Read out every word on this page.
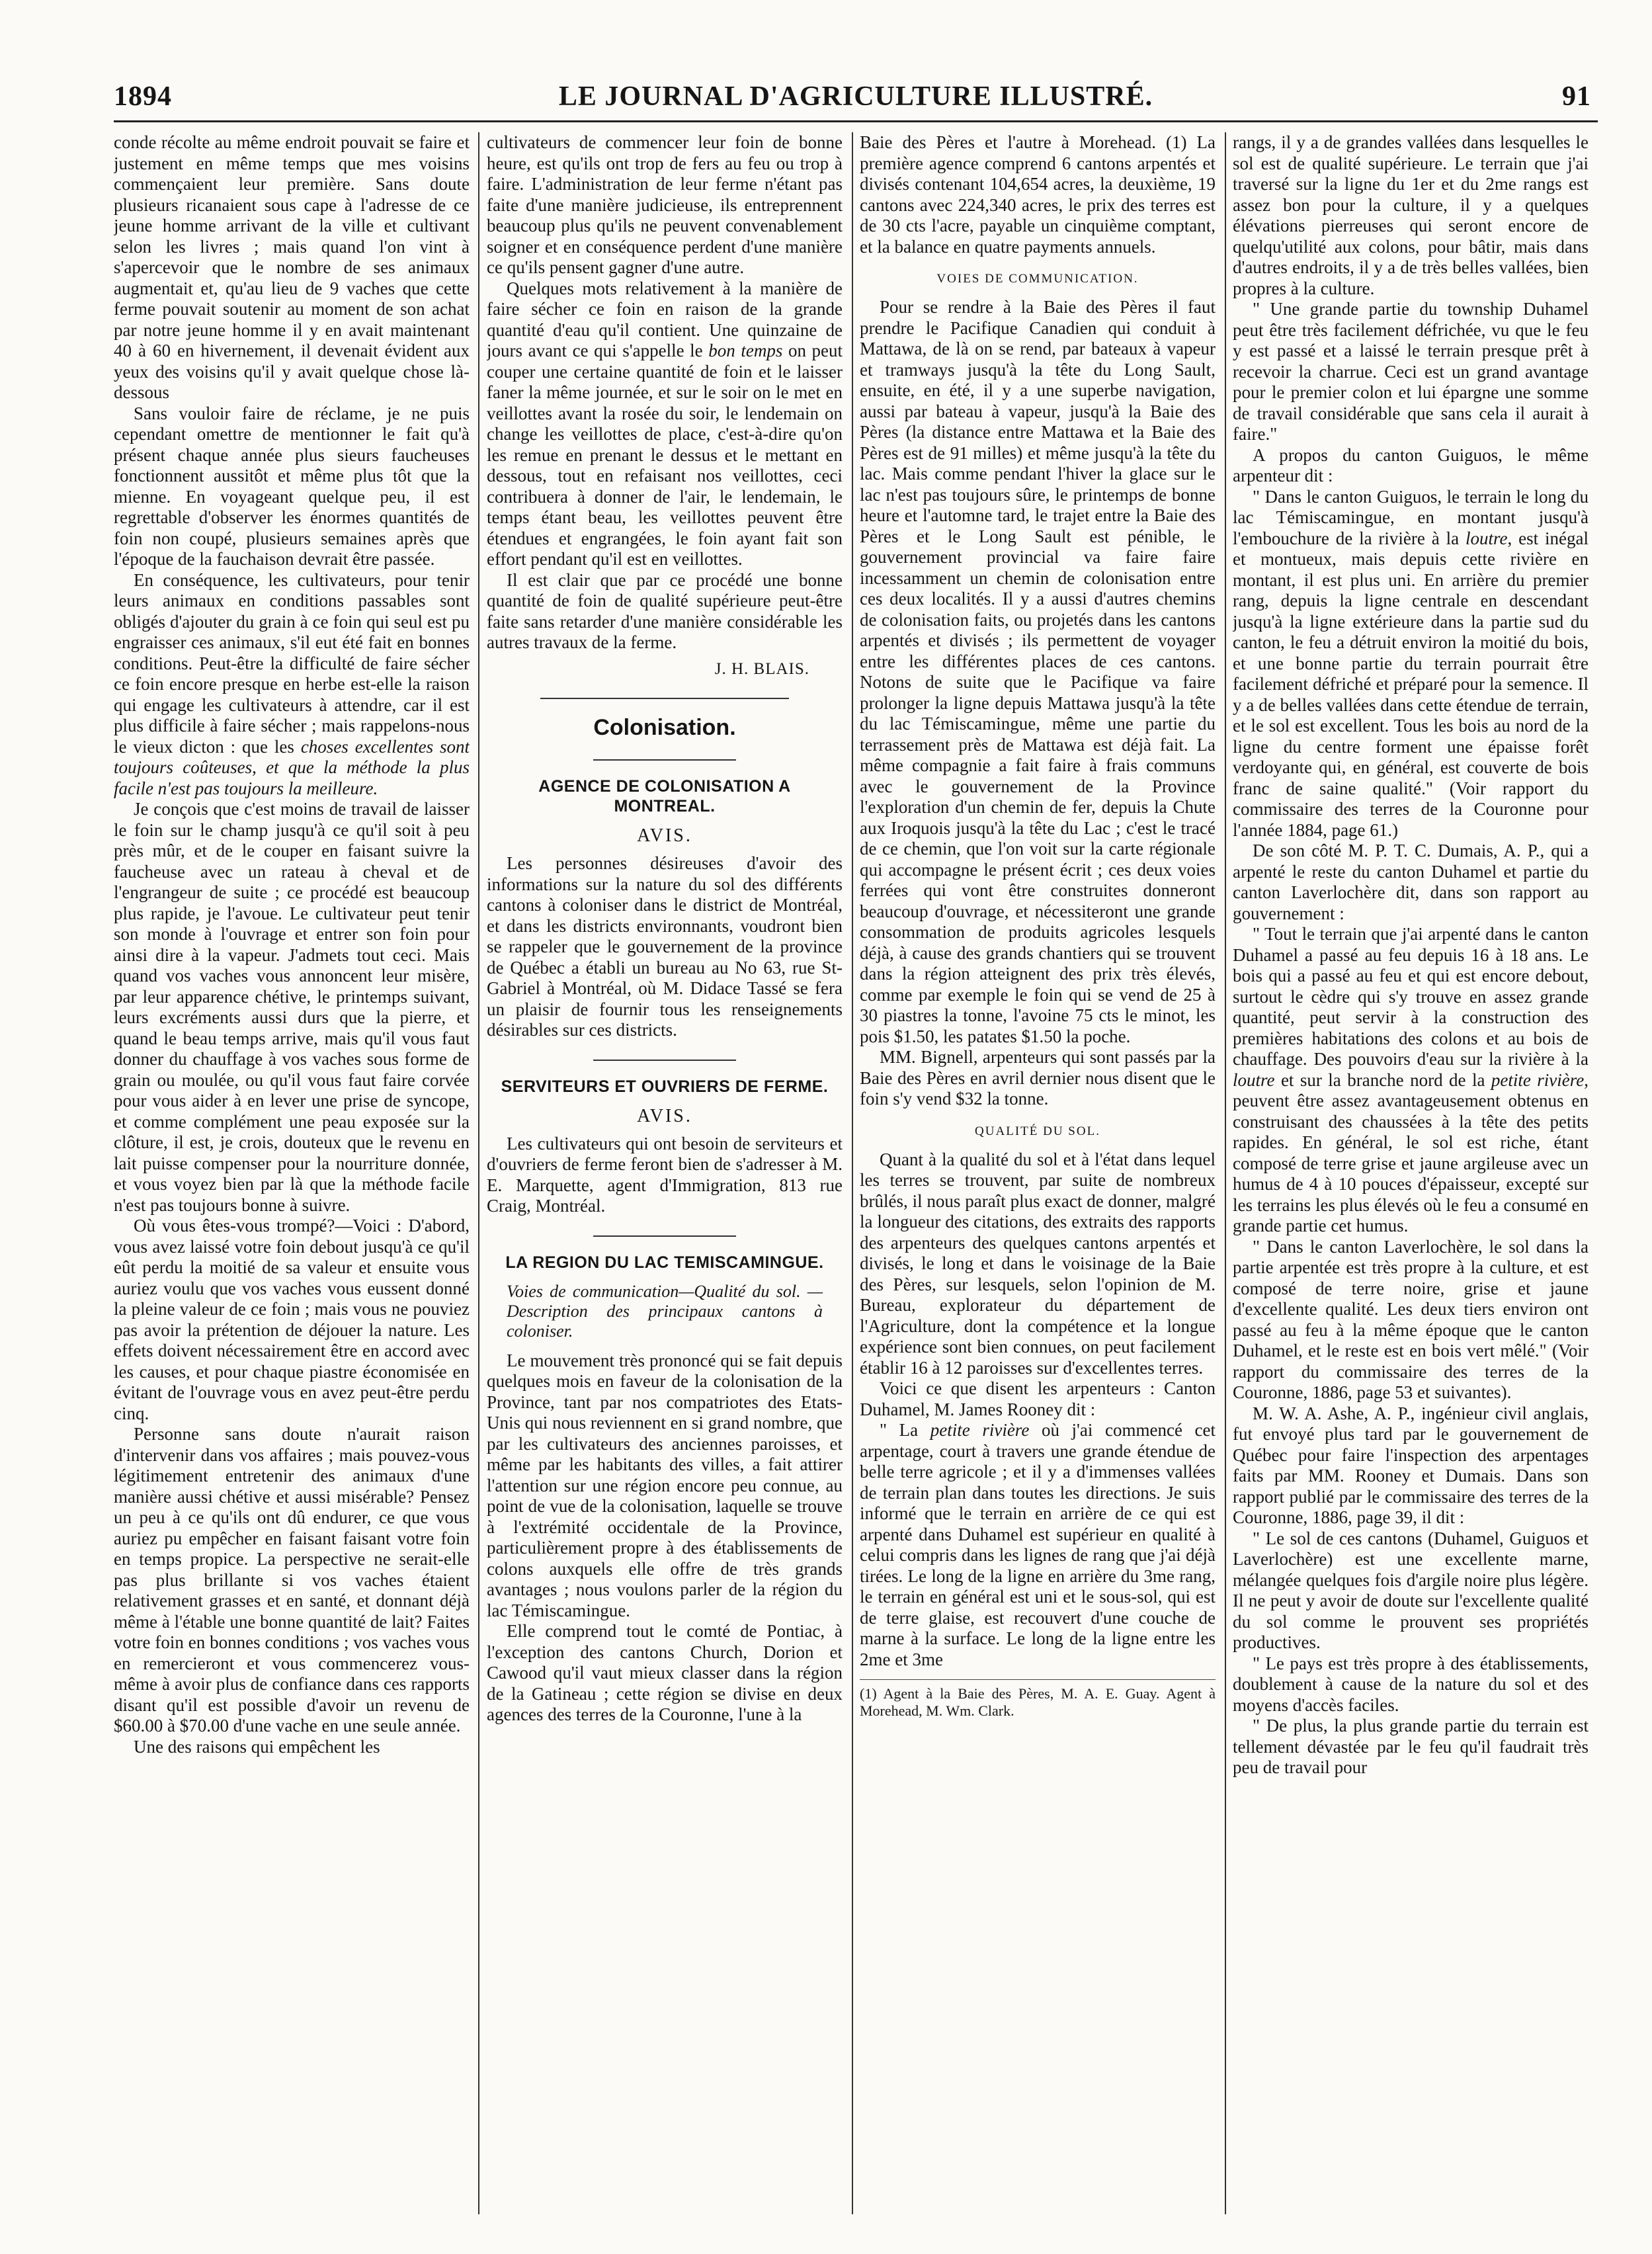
1894	LE JOURNAL D'AGRICULTURE ILLUSTRÉ.	91

conde récolte au même endroit pouvait se faire et justement en même temps que mes voisins commençaient leur première. Sans doute plusieurs ricanaient sous cape à l'adresse de ce jeune homme arrivant de la ville et cultivant selon les livres ; mais quand l'on vint à s'apercevoir que le nombre de ses animaux augmentait et, qu'au lieu de 9 vaches que cette ferme pouvait soutenir au moment de son achat par notre jeune homme il y en avait maintenant 40 à 60 en hivernement, il devenait évident aux yeux des voisins qu'il y avait quelque chose là-dessous

Sans vouloir faire de réclame, je ne puis cependant omettre de mentionner le fait qu'à présent chaque année plus sieurs faucheuses fonctionnent aussitôt et même plus tôt que la mienne. En voyageant quelque peu, il est regrettable d'observer les énormes quantités de foin non coupé, plusieurs semaines après que l'époque de la fauchaison devrait être passée.

En conséquence, les cultivateurs, pour tenir leurs animaux en conditions passables sont obligés d'ajouter du grain à ce foin qui seul est pu engraisser ces animaux, s'il eut été fait en bonnes conditions. Peut-être la difficulté de faire sécher ce foin encore presque en herbe est-elle la raison qui engage les cultivateurs à attendre, car il est plus difficile à faire sécher ; mais rappelons-nous le vieux dicton : que les choses excellentes sont toujours coûteuses, et que la méthode la plus facile n'est pas toujours la meilleure.

Je conçois que c'est moins de travail de laisser le foin sur le champ jusqu'à ce qu'il soit à peu près mûr, et de le couper en faisant suivre la faucheuse avec un rateau à cheval et de l'engrangeur de suite ; ce procédé est beaucoup plus rapide, je l'avoue. Le cultivateur peut tenir son monde à l'ouvrage et entrer son foin pour ainsi dire à la vapeur. J'admets tout ceci. Mais quand vos vaches vous annoncent leur misère, par leur apparence chétive, le printemps suivant, leurs excréments aussi durs que la pierre, et quand le beau temps arrive, mais qu'il vous faut donner du chauffage à vos vaches sous forme de grain ou moulée, ou qu'il vous faut faire corvée pour vous aider à en lever une prise de syncope, et comme complément une peau exposée sur la clôture, il est, je crois, douteux que le revenu en lait puisse compenser pour la nourriture donnée, et vous voyez bien par là que la méthode facile n'est pas toujours bonne à suivre.

Où vous êtes-vous trompé?—Voici : D'abord, vous avez laissé votre foin debout jusqu'à ce qu'il eût perdu la moitié de sa valeur et ensuite vous auriez voulu que vos vaches vous eussent donné la pleine valeur de ce foin ; mais vous ne pouviez pas avoir la prétention de déjouer la nature. Les effets doivent nécessairement être en accord avec les causes, et pour chaque piastre économisée en évitant de l'ouvrage vous en avez peut-être perdu cinq.

Personne sans doute n'aurait raison d'intervenir dans vos affaires ; mais pouvez-vous légitimement entretenir des animaux d'une manière aussi chétive et aussi misérable? Pensez un peu à ce qu'ils ont dû endurer, ce que vous auriez pu empêcher en faisant faisant votre foin en temps propice. La perspective ne serait-elle pas plus brillante si vos vaches étaient relativement grasses et en santé, et donnant déjà même à l'étable une bonne quantité de lait? Faites votre foin en bonnes conditions ; vos vaches vous en remercieront et vous commencerez vous-même à avoir plus de confiance dans ces rapports disant qu'il est possible d'avoir un revenu de $60.00 à $70.00 d'une vache en une seule année.

Une des raisons qui empêchent les

cultivateurs de commencer leur foin de bonne heure, est qu'ils ont trop de fers au feu ou trop à faire. L'administration de leur ferme n'étant pas faite d'une manière judicieuse, ils entreprennent beaucoup plus qu'ils ne peuvent convenablement soigner et en conséquence perdent d'une manière ce qu'ils pensent gagner d'une autre.

Quelques mots relativement à la manière de faire sécher ce foin en raison de la grande quantité d'eau qu'il contient. Une quinzaine de jours avant ce qui s'appelle le bon temps on peut couper une certaine quantité de foin et le laisser faner la même journée, et sur le soir on le met en veillottes avant la rosée du soir, le lendemain on change les veillottes de place, c'est-à-dire qu'on les remue en prenant le dessus et le mettant en dessous, tout en refaisant nos veillottes, ceci contribuera à donner de l'air, le lendemain, le temps étant beau, les veillottes peuvent être étendues et engrangées, le foin ayant fait son effort pendant qu'il est en veillottes.

Il est clair que par ce procédé une bonne quantité de foin de qualité supérieure peut-être faite sans retarder d'une manière considérable les autres travaux de la ferme.

J. H. BLAIS.

Colonisation.
AGENCE DE COLONISATION A MONTREAL.
AVIS.

Les personnes désireuses d'avoir des informations sur la nature du sol des différents cantons à coloniser dans le district de Montréal, et dans les districts environnants, voudront bien se rappeler que le gouvernement de la province de Québec a établi un bureau au No 63, rue St-Gabriel à Montréal, où M. Didace Tassé se fera un plaisir de fournir tous les renseignements désirables sur ces districts.

SERVITEURS ET OUVRIERS DE FERME.
AVIS.

Les cultivateurs qui ont besoin de serviteurs et d'ouvriers de ferme feront bien de s'adresser à M. E. Marquette, agent d'Immigration, 813 rue Craig, Montréal.

LA REGION DU LAC TEMISCAMINGUE.

Voies de communication—Qualité du sol. —Description des principaux cantons à coloniser.

Le mouvement très prononcé qui se fait depuis quelques mois en faveur de la colonisation de la Province, tant par nos compatriotes des Etats-Unis qui nous reviennent en si grand nombre, que par les cultivateurs des anciennes paroisses, et même par les habitants des villes, a fait attirer l'attention sur une région encore peu connue, au point de vue de la colonisation, laquelle se trouve à l'extrémité occidentale de la Province, particulièrement propre à des établissements de colons auxquels elle offre de très grands avantages ; nous voulons parler de la région du lac Témiscamingue.

Elle comprend tout le comté de Pontiac, à l'exception des cantons Church, Dorion et Cawood qu'il vaut mieux classer dans la région de la Gatineau ; cette région se divise en deux agences des terres de la Couronne, l'une à la

Baie des Pères et l'autre à Morehead. (1) La première agence comprend 6 cantons arpentés et divisés contenant 104,654 acres, la deuxième, 19 cantons avec 224,340 acres, le prix des terres est de 30 cts l'acre, payable un cinquième comptant, et la balance en quatre payments annuels.

VOIES DE COMMUNICATION.

Pour se rendre à la Baie des Pères il faut prendre le Pacifique Canadien qui conduit à Mattawa, de là on se rend, par bateaux à vapeur et tramways jusqu'à la tête du Long Sault, ensuite, en été, il y a une superbe navigation, aussi par bateau à vapeur, jusqu'à la Baie des Pères (la distance entre Mattawa et la Baie des Pères est de 91 milles) et même jusqu'à la tête du lac. Mais comme pendant l'hiver la glace sur le lac n'est pas toujours sûre, le printemps de bonne heure et l'automne tard, le trajet entre la Baie des Pères et le Long Sault est pénible, le gouvernement provincial va faire faire incessamment un chemin de colonisation entre ces deux localités. Il y a aussi d'autres chemins de colonisation faits, ou projetés dans les cantons arpentés et divisés ; ils permettent de voyager entre les différentes places de ces cantons. Notons de suite que le Pacifique va faire prolonger la ligne depuis Mattawa jusqu'à la tête du lac Témiscamingue, même une partie du terrassement près de Mattawa est déjà fait. La même compagnie a fait faire à frais communs avec le gouvernement de la Province l'exploration d'un chemin de fer, depuis la Chute aux Iroquois jusqu'à la tête du Lac ; c'est le tracé de ce chemin, que l'on voit sur la carte régionale qui accompagne le présent écrit ; ces deux voies ferrées qui vont être construites donneront beaucoup d'ouvrage, et nécessiteront une grande consommation de produits agricoles lesquels déjà, à cause des grands chantiers qui se trouvent dans la région atteignent des prix très élevés, comme par exemple le foin qui se vend de 25 à 30 piastres la tonne, l'avoine 75 cts le minot, les pois $1.50, les patates $1.50 la poche.

MM. Bignell, arpenteurs qui sont passés par la Baie des Pères en avril dernier nous disent que le foin s'y vend $32 la tonne.

QUALITÉ DU SOL.

Quant à la qualité du sol et à l'état dans lequel les terres se trouvent, par suite de nombreux brûlés, il nous paraît plus exact de donner, malgré la longueur des citations, des extraits des rapports des arpenteurs des quelques cantons arpentés et divisés, le long et dans le voisinage de la Baie des Pères, sur lesquels, selon l'opinion de M. Bureau, explorateur du département de l'Agriculture, dont la compétence et la longue expérience sont bien connues, on peut facilement établir 16 à 12 paroisses sur d'excellentes terres.

Voici ce que disent les arpenteurs : Canton Duhamel, M. James Rooney dit :

" La petite rivière où j'ai commencé cet arpentage, court à travers une grande étendue de belle terre agricole ; et il y a d'immenses vallées de terrain plan dans toutes les directions. Je suis informé que le terrain en arrière de ce qui est arpenté dans Duhamel est supérieur en qualité à celui compris dans les lignes de rang que j'ai déjà tirées. Le long de la ligne en arrière du 3me rang, le terrain en général est uni et le sous-sol, qui est de terre glaise, est recouvert d'une couche de marne à la surface. Le long de la ligne entre les 2me et 3me

(1) Agent à la Baie des Pères, M. A. E. Guay. Agent à Morehead, M. Wm. Clark.

rangs, il y a de grandes vallées dans lesquelles le sol est de qualité supérieure. Le terrain que j'ai traversé sur la ligne du 1er et du 2me rangs est assez bon pour la culture, il y a quelques élévations pierreuses qui seront encore de quelqu'utilité aux colons, pour bâtir, mais dans d'autres endroits, il y a de très belles vallées, bien propres à la culture.

" Une grande partie du township Duhamel peut être très facilement défrichée, vu que le feu y est passé et a laissé le terrain presque prêt à recevoir la charrue. Ceci est un grand avantage pour le premier colon et lui épargne une somme de travail considérable que sans cela il aurait à faire."

A propos du canton Guiguos, le même arpenteur dit :

" Dans le canton Guiguos, le terrain le long du lac Témiscamingue, en montant jusqu'à l'embouchure de la rivière à la loutre, est inégal et montueux, mais depuis cette rivière en montant, il est plus uni. En arrière du premier rang, depuis la ligne centrale en descendant jusqu'à la ligne extérieure dans la partie sud du canton, le feu a détruit environ la moitié du bois, et une bonne partie du terrain pourrait être facilement défriché et préparé pour la semence. Il y a de belles vallées dans cette étendue de terrain, et le sol est excellent. Tous les bois au nord de la ligne du centre forment une épaisse forêt verdoyante qui, en général, est couverte de bois franc de saine qualité." (Voir rapport du commissaire des terres de la Couronne pour l'année 1884, page 61.)

De son côté M. P. T. C. Dumais, A. P., qui a arpenté le reste du canton Duhamel et partie du canton Laverlochère dit, dans son rapport au gouvernement :

" Tout le terrain que j'ai arpenté dans le canton Duhamel a passé au feu depuis 16 à 18 ans. Le bois qui a passé au feu et qui est encore debout, surtout le cèdre qui s'y trouve en assez grande quantité, peut servir à la construction des premières habitations des colons et au bois de chauffage. Des pouvoirs d'eau sur la rivière à la loutre et sur la branche nord de la petite rivière, peuvent être assez avantageusement obtenus en construisant des chaussées à la tête des petits rapides. En général, le sol est riche, étant composé de terre grise et jaune argileuse avec un humus de 4 à 10 pouces d'épaisseur, excepté sur les terrains les plus élevés où le feu a consumé en grande partie cet humus.

" Dans le canton Laverlochère, le sol dans la partie arpentée est très propre à la culture, et est composé de terre noire, grise et jaune d'excellente qualité. Les deux tiers environ ont passé au feu à la même époque que le canton Duhamel, et le reste est en bois vert mêlé." (Voir rapport du commissaire des terres de la Couronne, 1886, page 53 et suivantes).

M. W. A. Ashe, A. P., ingénieur civil anglais, fut envoyé plus tard par le gouvernement de Québec pour faire l'inspection des arpentages faits par MM. Rooney et Dumais. Dans son rapport publié par le commissaire des terres de la Couronne, 1886, page 39, il dit :

" Le sol de ces cantons (Duhamel, Guiguos et Laverlochère) est une excellente marne, mélangée quelques fois d'argile noire plus légère. Il ne peut y avoir de doute sur l'excellente qualité du sol comme le prouvent ses propriétés productives.

" Le pays est très propre à des établissements, doublement à cause de la nature du sol et des moyens d'accès faciles.

" De plus, la plus grande partie du terrain est tellement dévastée par le feu qu'il faudrait très peu de travail pour
